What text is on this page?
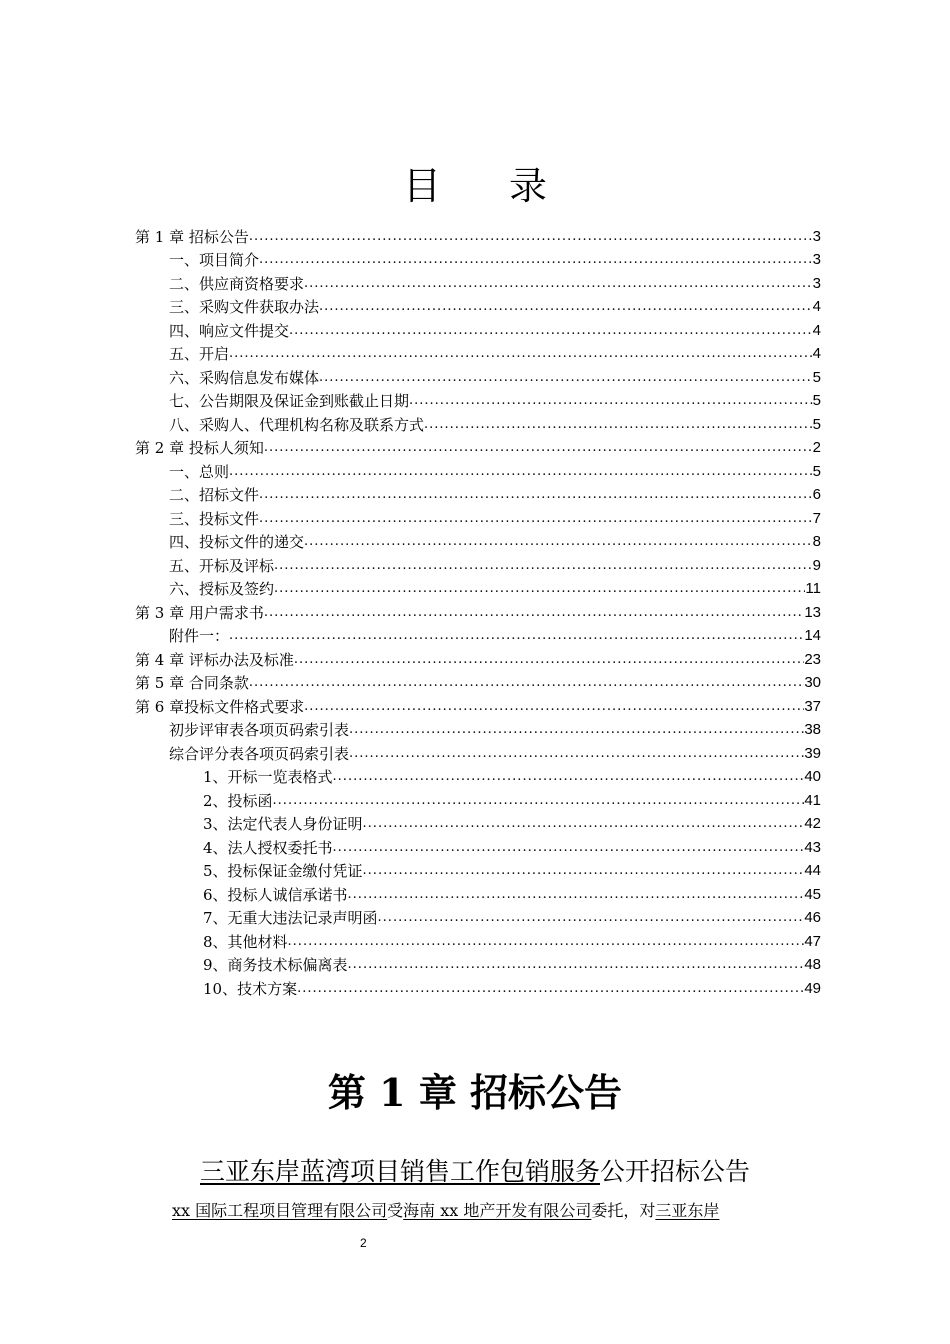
目 录
第 1 章 招标公告 .....	3
一、项目简介 .....	3
二、供应商资格要求 .....	3
三、采购文件获取办法 .....	4
四、响应文件提交 .....	4
五、开启 .....	4
六、采购信息发布媒体 .....	5
七、公告期限及保证金到账截止日期 .....	5
八、采购人、代理机构名称及联系方式 .....	5
第 2 章 投标人须知 .....	2
一、总则 .....	5
二、招标文件 .....	6
三、投标文件 .....	7
四、投标文件的递交 .....	8
五、开标及评标 .....	9
六、授标及签约 .....	11
第 3 章 用户需求书 .....	13
附件一： .....	14
第 4 章 评标办法及标准 .....	23
第 5 章 合同条款 .....	30
第 6 章投标文件格式要求 .....	37
初步评审表各项页码索引表 .....	38
综合评分表各项页码索引表 .....	39
1、开标一览表格式 .....	40
2、投标函 .....	41
3、法定代表人身份证明 .....	42
4、法人授权委托书 .....	43
5、投标保证金缴付凭证 .....	44
6、投标人诚信承诺书 .....	45
7、无重大违法记录声明函 .....	46
8、其他材料 .....	47
9、商务技术标偏离表 .....	48
10、技术方案 .....	49
第 1 章 招标公告
三亚东岸蓝湾项目销售工作包销服务公开招标公告
xx 国际工程项目管理有限公司受海南 xx 地产开发有限公司委托，对三亚东岸
2
